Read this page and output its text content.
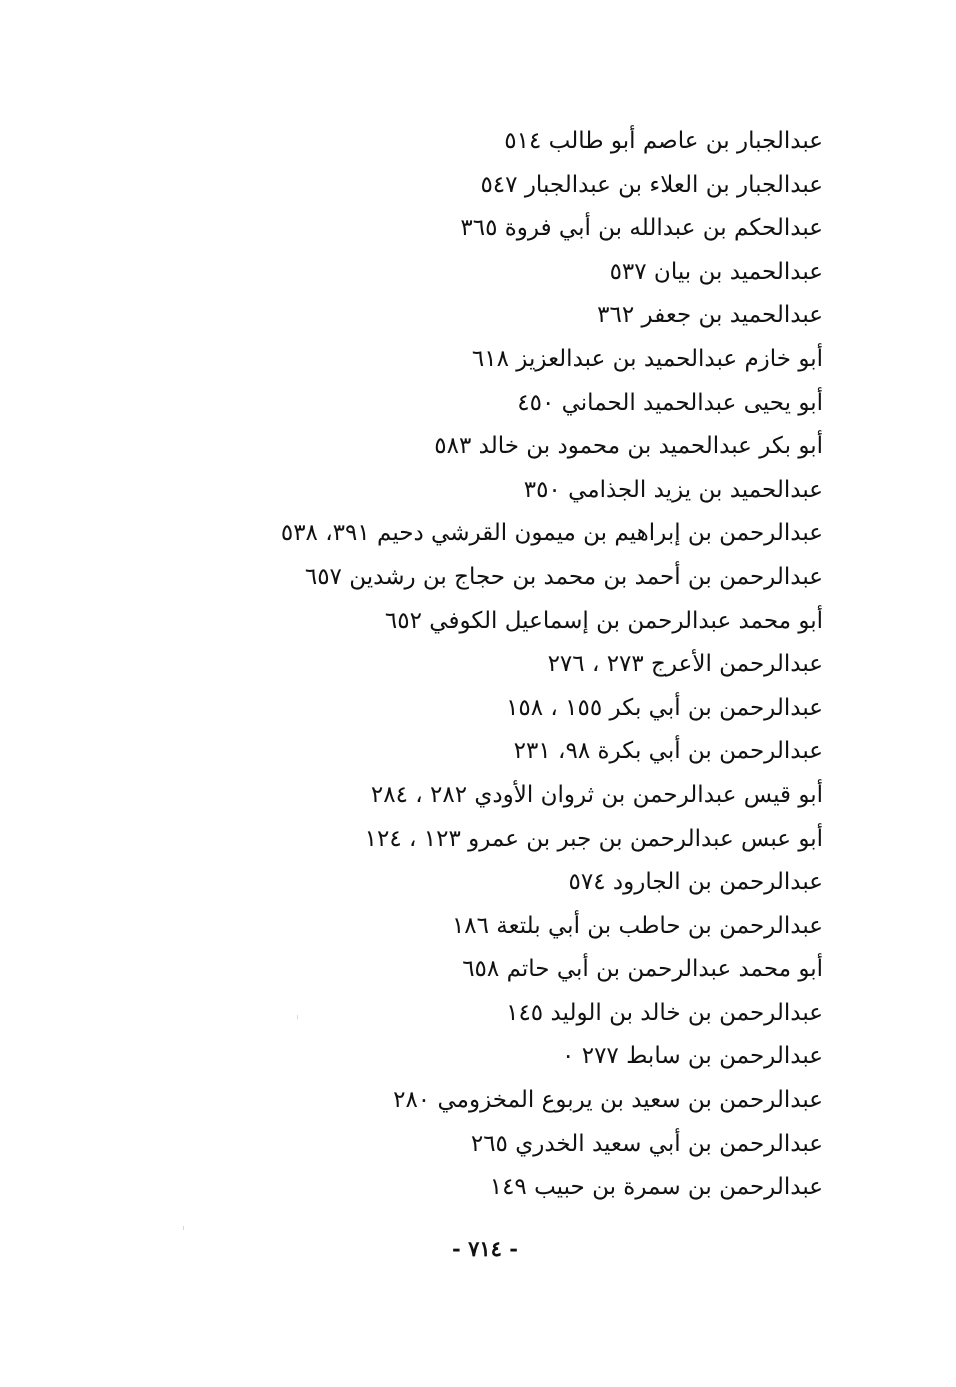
عبدالجبار بن عاصم أبو طالب ٥١٤
عبدالجبار بن العلاء بن عبدالجبار ٥٤٧
عبدالحكم بن عبدالله بن أبي فروة ٣٦٥
عبدالحميد بن بيان ٥٣٧
عبدالحميد بن جعفر ٣٦٢
أبو خازم عبدالحميد بن عبدالعزيز ٦١٨
أبو يحيى عبدالحميد الحماني ٤٥٠
أبو بكر عبدالحميد بن محمود بن خالد ٥٨٣
عبدالحميد بن يزيد الجذامي ٣٥٠
عبدالرحمن بن إبراهيم بن ميمون القرشي دحيم ٣٩١، ٥٣٨
عبدالرحمن بن أحمد بن محمد بن حجاج بن رشدين ٦٥٧
أبو محمد عبدالرحمن بن إسماعيل الكوفي ٦٥٢
عبدالرحمن الأعرج ٢٧٣ ، ٢٧٦
عبدالرحمن بن أبي بكر ١٥٥ ، ١٥٨
عبدالرحمن بن أبي بكرة ٩٨، ٢٣١
أبو قيس عبدالرحمن بن ثروان الأودي ٢٨٢ ، ٢٨٤
أبو عبس عبدالرحمن بن جبر بن عمرو ١٢٣ ، ١٢٤
عبدالرحمن بن الجارود ٥٧٤
عبدالرحمن بن حاطب بن أبي بلتعة ١٨٦
أبو محمد عبدالرحمن بن أبي حاتم ٦٥٨
عبدالرحمن بن خالد بن الوليد ١٤٥
عبدالرحمن بن سابط ٢٧٧ ٠
عبدالرحمن بن سعيد بن يربوع المخزومي ٢٨٠
عبدالرحمن بن أبي سعيد الخدري ٢٦٥
عبدالرحمن بن سمرة بن حبيب ١٤٩
- ٧١٤ -
